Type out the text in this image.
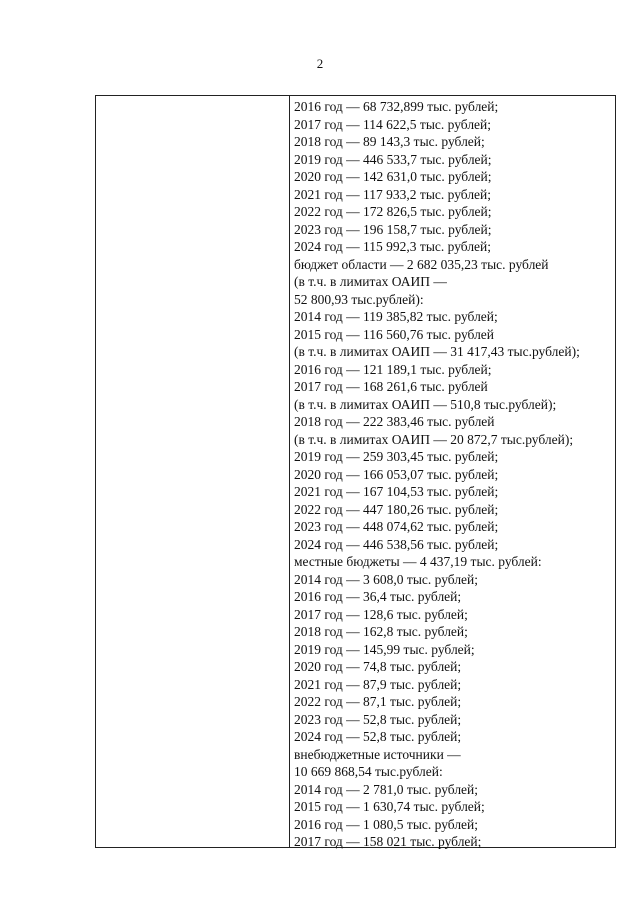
2
2016 год — 68 732,899 тыс. рублей;
2017 год — 114 622,5 тыс. рублей;
2018 год — 89 143,3 тыс. рублей;
2019 год — 446 533,7 тыс. рублей;
2020 год — 142 631,0 тыс. рублей;
2021 год — 117 933,2 тыс. рублей;
2022 год — 172 826,5 тыс. рублей;
2023 год — 196 158,7 тыс. рублей;
2024 год — 115 992,3 тыс. рублей;
бюджет области — 2 682 035,23 тыс. рублей
(в т.ч. в лимитах ОАИП —
52 800,93 тыс.рублей):
2014 год — 119 385,82 тыс. рублей;
2015 год — 116 560,76 тыс. рублей
(в т.ч. в лимитах ОАИП — 31 417,43 тыс.рублей);
2016 год — 121 189,1 тыс. рублей;
2017 год — 168 261,6 тыс. рублей
(в т.ч. в лимитах ОАИП — 510,8 тыс.рублей);
2018 год — 222 383,46 тыс. рублей
(в т.ч. в лимитах ОАИП — 20 872,7 тыс.рублей);
2019 год — 259 303,45 тыс. рублей;
2020 год — 166 053,07 тыс. рублей;
2021 год — 167 104,53 тыс. рублей;
2022 год — 447 180,26 тыс. рублей;
2023 год — 448 074,62 тыс. рублей;
2024 год — 446 538,56 тыс. рублей;
местные бюджеты — 4 437,19 тыс. рублей:
2014 год — 3 608,0 тыс. рублей;
2016 год — 36,4 тыс. рублей;
2017 год — 128,6 тыс. рублей;
2018 год — 162,8 тыс. рублей;
2019 год — 145,99 тыс. рублей;
2020 год — 74,8 тыс. рублей;
2021 год — 87,9 тыс. рублей;
2022 год — 87,1 тыс. рублей;
2023 год — 52,8 тыс. рублей;
2024 год — 52,8 тыс. рублей;
внебюджетные источники —
10 669 868,54 тыс.рублей:
2014 год — 2 781,0 тыс. рублей;
2015 год — 1 630,74 тыс. рублей;
2016 год — 1 080,5 тыс. рублей;
2017 год — 158 021 тыс. рублей;
